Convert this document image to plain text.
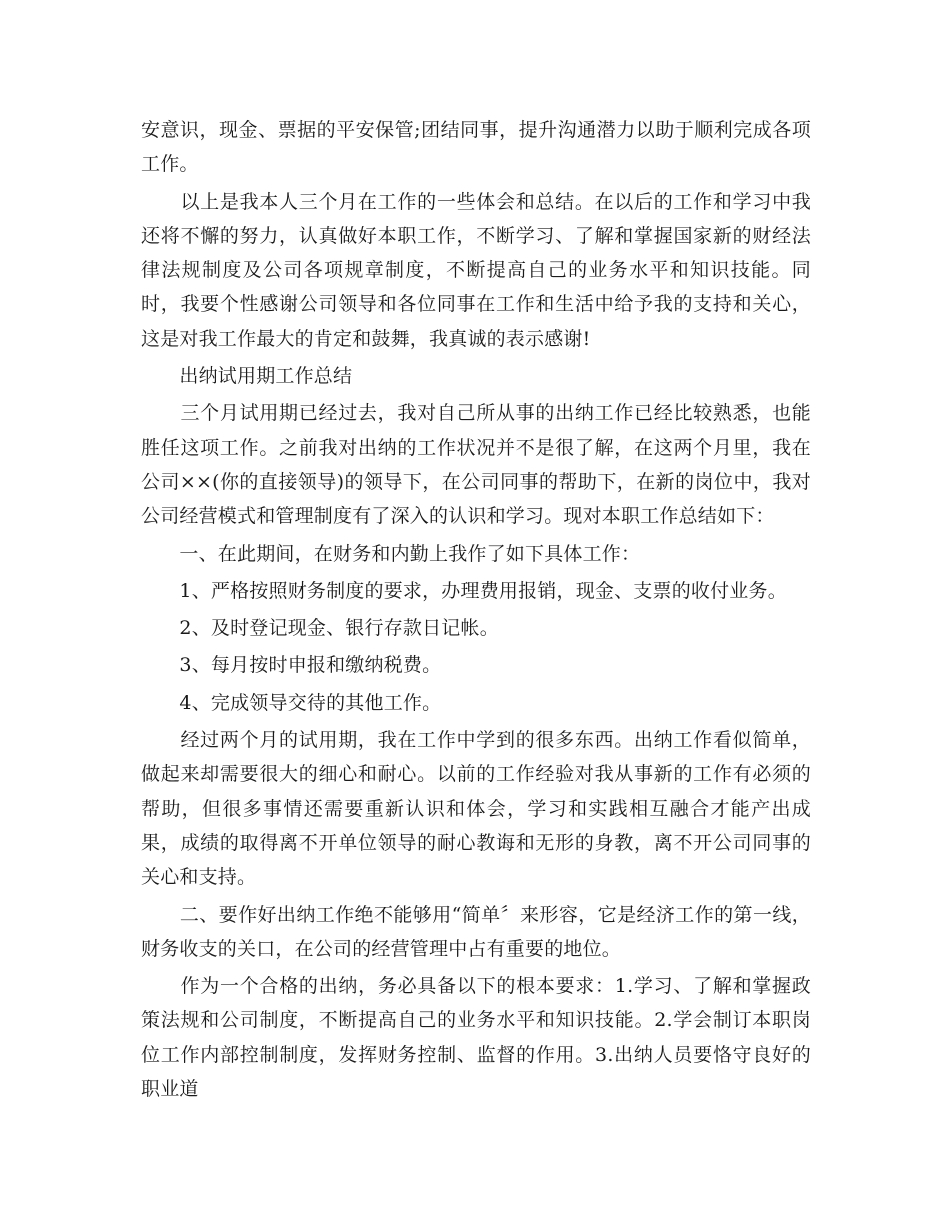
安意识，现金、票据的平安保管;团结同事，提升沟通潜力以助于顺利完成各项工作。

　　以上是我本人三个月在工作的一些体会和总结。在以后的工作和学习中我还将不懈的努力，认真做好本职工作，不断学习、了解和掌握国家新的财经法律法规制度及公司各项规章制度，不断提高自己的业务水平和知识技能。同时，我要个性感谢公司领导和各位同事在工作和生活中给予我的支持和关心，这是对我工作最大的肯定和鼓舞，我真诚的表示感谢!

　　出纳试用期工作总结

　　三个月试用期已经过去，我对自己所从事的出纳工作已经比较熟悉，也能胜任这项工作。之前我对出纳的工作状况并不是很了解，在这两个月里，我在公司××(你的直接领导)的领导下，在公司同事的帮助下，在新的岗位中，我对公司经营模式和管理制度有了深入的认识和学习。现对本职工作总结如下：

　　一、在此期间，在财务和内勤上我作了如下具体工作：

　　1、严格按照财务制度的要求，办理费用报销，现金、支票的收付业务。

　　2、及时登记现金、银行存款日记帐。

　　3、每月按时申报和缴纳税费。

　　4、完成领导交待的其他工作。

　　经过两个月的试用期，我在工作中学到的很多东西。出纳工作看似简单，做起来却需要很大的细心和耐心。以前的工作经验对我从事新的工作有必须的帮助，但很多事情还需要重新认识和体会，学习和实践相互融合才能产出成果，成绩的取得离不开单位领导的耐心教诲和无形的身教，离不开公司同事的关心和支持。

　　二、要作好出纳工作绝不能够用“简单〞来形容，它是经济工作的第一线，财务收支的关口，在公司的经营管理中占有重要的地位。

　　作为一个合格的出纳，务必具备以下的根本要求：1.学习、了解和掌握政策法规和公司制度，不断提高自己的业务水平和知识技能。2.学会制订本职岗位工作内部控制制度，发挥财务控制、监督的作用。3.出纳人员要恪守良好的职业道
